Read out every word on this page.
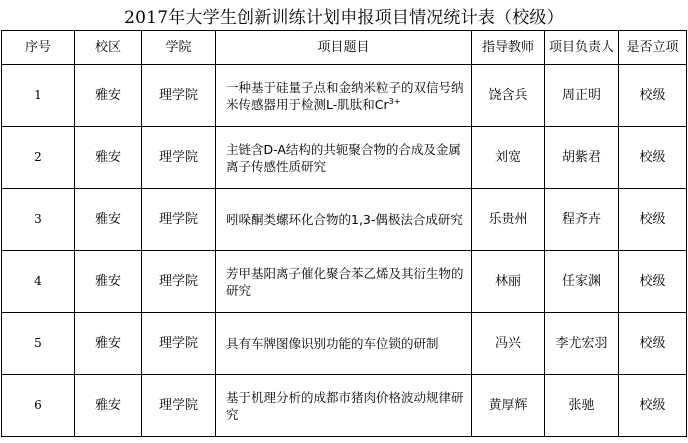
2017年大学生创新训练计划申报项目情况统计表（校级）
序号	校区	学院	项目题目	指导教师	项目负责人	是否立项
1	雅安	理学院	一种基于硅量子点和金纳米粒子的双信号纳米传感器用于检测L-肌肽和$Cr^{3+}$	饶含兵	周正明	校级
2	雅安	理学院	主链含D-A结构的共轭聚合物的合成及金属离子传感性质研究	刘宽	胡紫君	校级
3	雅安	理学院	吲哚酮类螺环化合物的1,3-偶极法合成研究	乐贵州	程齐卉	校级
4	雅安	理学院	芳甲基阳离子催化聚合苯乙烯及其衍生物的研究	林丽	任家渊	校级
5	雅安	理学院	具有车牌图像识别功能的车位锁的研制	冯兴	李尤宏羽	校级
6	雅安	理学院	基于机理分析的成都市猪肉价格波动规律研究	黄厚辉	张驰	校级
